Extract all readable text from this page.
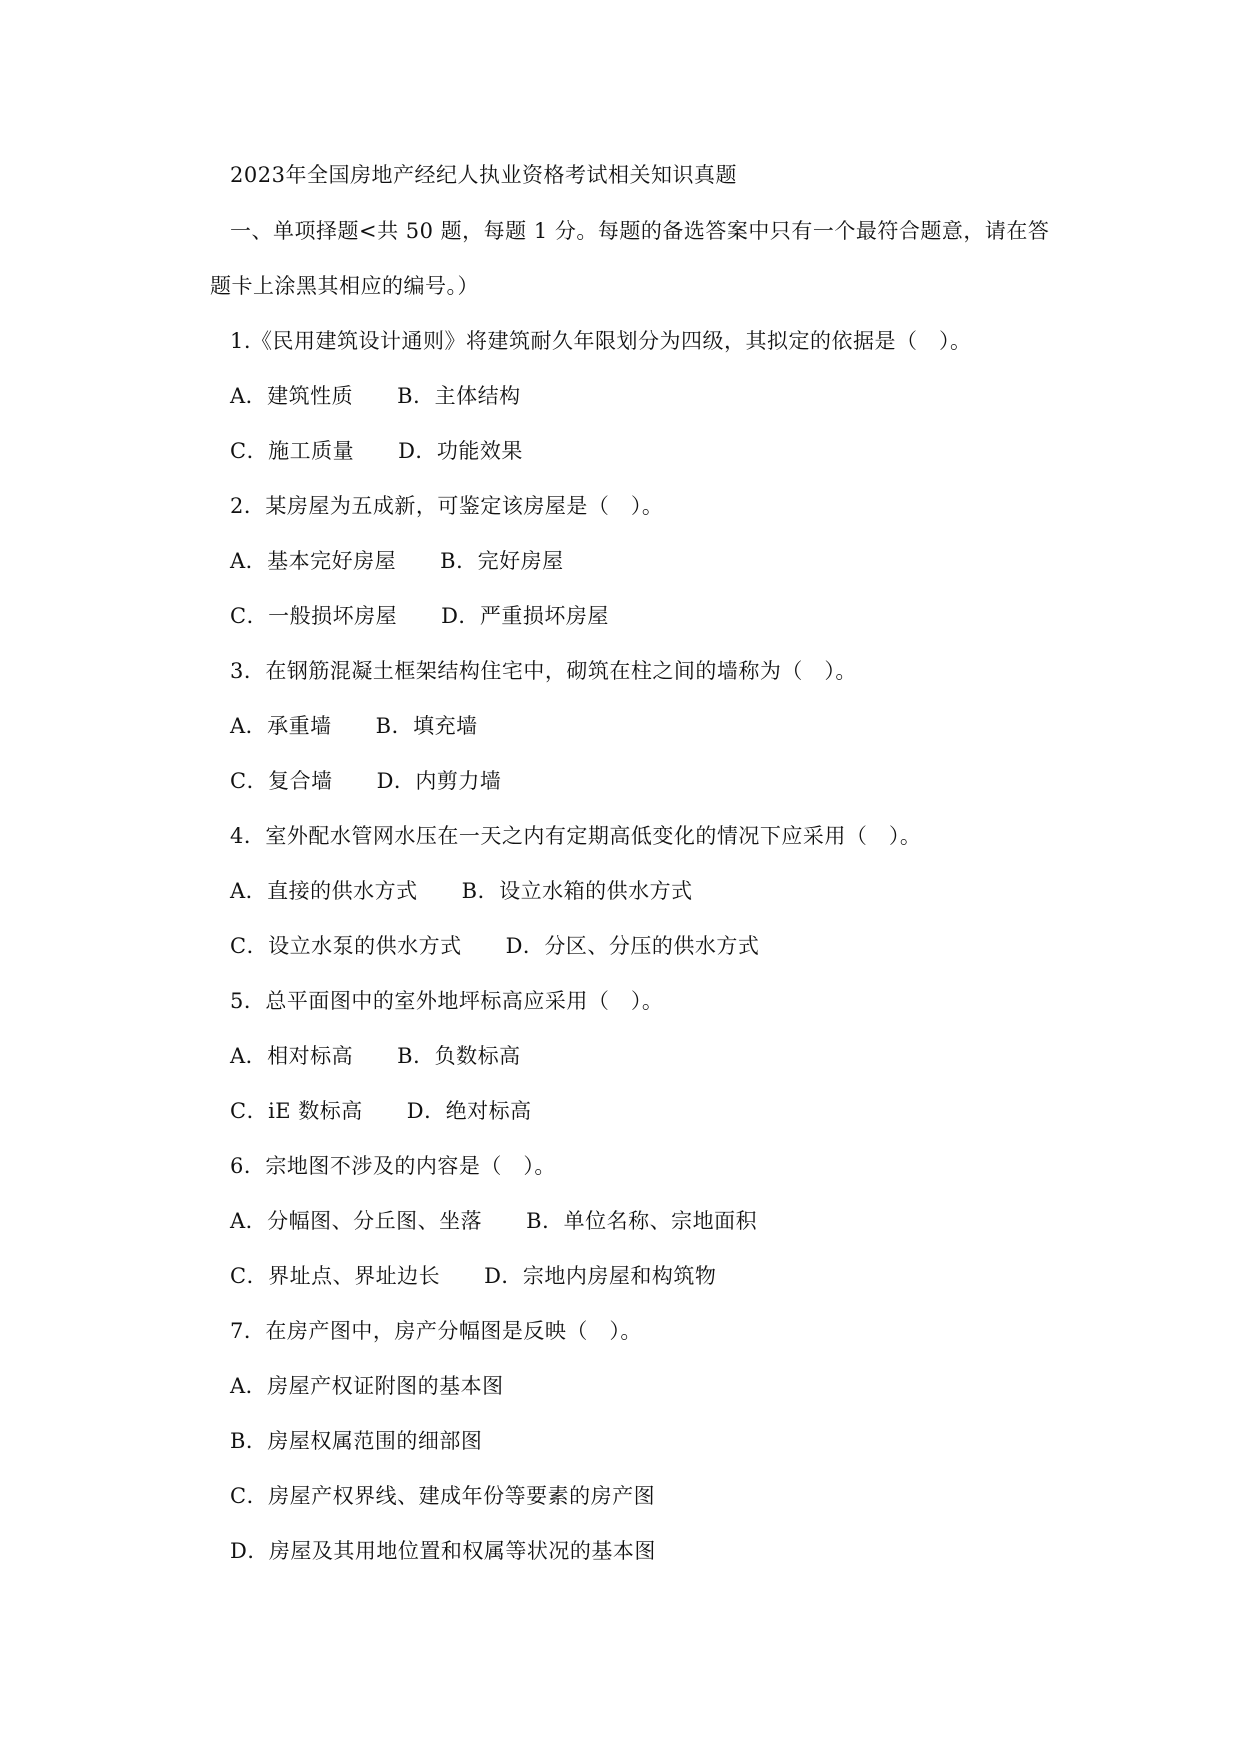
2023年全国房地产经纪人执业资格考试相关知识真题
一、单项择题<共 50 题，每题 1 分。每题的备选答案中只有一个最符合题意，请在答
题卡上涂黑其相应的编号。）
1.《民用建筑设计通则》将建筑耐久年限划分为四级，其拟定的依据是（　）。
A．建筑性质 B．主体结构
C．施工质量 D．功能效果
2．某房屋为五成新，可鉴定该房屋是（　）。
A．基本完好房屋 B．完好房屋
C．一般损坏房屋 D．严重损坏房屋
3．在钢筋混凝土框架结构住宅中，砌筑在柱之间的墙称为（　）。
A．承重墙 B．填充墙
C．复合墙 D．内剪力墙
4．室外配水管网水压在一天之内有定期高低变化的情况下应采用（　）。
A．直接的供水方式 B．设立水箱的供水方式
C．设立水泵的供水方式 D．分区、分压的供水方式
5．总平面图中的室外地坪标高应采用（　）。
A．相对标高 B．负数标高
C．iE 数标高 D．绝对标高
6．宗地图不涉及的内容是（　）。
A．分幅图、分丘图、坐落 B．单位名称、宗地面积
C．界址点、界址边长 D．宗地内房屋和构筑物
7．在房产图中，房产分幅图是反映（　）。
A．房屋产权证附图的基本图
B．房屋权属范围的细部图
C．房屋产权界线、建成年份等要素的房产图
D．房屋及其用地位置和权属等状况的基本图
